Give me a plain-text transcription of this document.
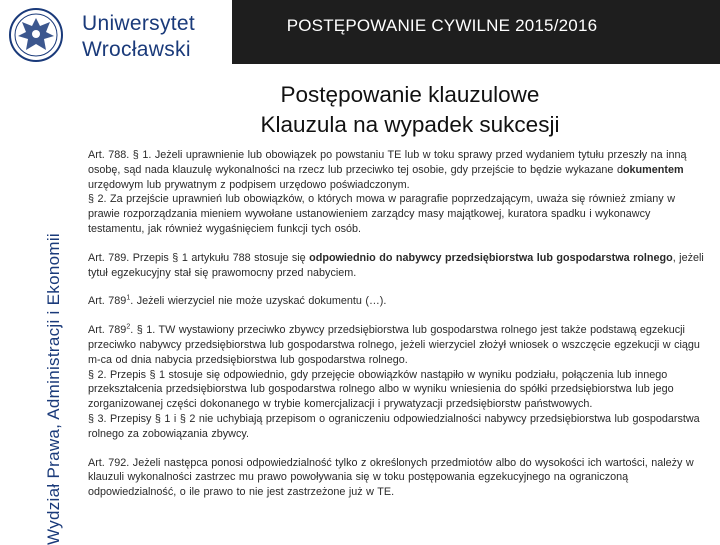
POSTĘPOWANIE CYWILNE 2015/2016
Uniwersytet
Wrocławski
Wydział Prawa, Administracji i Ekonomii
Postępowanie klauzulowe
Klauzula na wypadek sukcesji

Art. 788. § 1. Jeżeli uprawnienie lub obowiązek po powstaniu TE lub w toku sprawy przed wydaniem tytułu przeszły na inną osobę, sąd nada klauzulę wykonalności na rzecz lub przeciwko tej osobie, gdy przejście to będzie wykazane dokumentem urzędowym lub prywatnym z podpisem urzędowo poświadczonym.

§ 2. Za przejście uprawnień lub obowiązków, o których mowa w paragrafie poprzedzającym, uważa się również zmiany w prawie rozporządzania mieniem wywołane ustanowieniem zarządcy masy majątkowej, kuratora spadku i wykonawcy testamentu, jak również wygaśnięciem funkcji tych osób.

Art. 789. Przepis § 1 artykułu 788 stosuje się odpowiednio do nabywcy przedsiębiorstwa lub gospodarstwa rolnego, jeżeli tytuł egzekucyjny stał się prawomocny przed nabyciem.

Art. $789^1$. Jeżeli wierzyciel nie może uzyskać dokumentu (…).

Art. $789^2$. § 1. TW wystawiony przeciwko zbywcy przedsiębiorstwa lub gospodarstwa rolnego jest także podstawą egzekucji przeciwko nabywcy przedsiębiorstwa lub gospodarstwa rolnego, jeżeli wierzyciel złożył wniosek o wszczęcie egzekucji w ciągu m-ca od dnia nabycia przedsiębiorstwa lub gospodarstwa rolnego.

§ 2. Przepis § 1 stosuje się odpowiednio, gdy przejęcie obowiązków nastąpiło w wyniku podziału, połączenia lub innego przekształcenia przedsiębiorstwa lub gospodarstwa rolnego albo w wyniku wniesienia do spółki przedsiębiorstwa lub jego zorganizowanej części dokonanego w trybie komercjalizacji i prywatyzacji przedsiębiorstw państwowych.

§ 3. Przepisy § 1 i § 2 nie uchybiają przepisom o ograniczeniu odpowiedzialności nabywcy przedsiębiorstwa lub gospodarstwa rolnego za zobowiązania zbywcy.

Art. 792. Jeżeli następca ponosi odpowiedzialność tylko z określonych przedmiotów albo do wysokości ich wartości, należy w klauzuli wykonalności zastrzec mu prawo powoływania się w toku postępowania egzekucyjnego na ograniczoną odpowiedzialność, o ile prawo to nie jest zastrzeżone już w TE.
